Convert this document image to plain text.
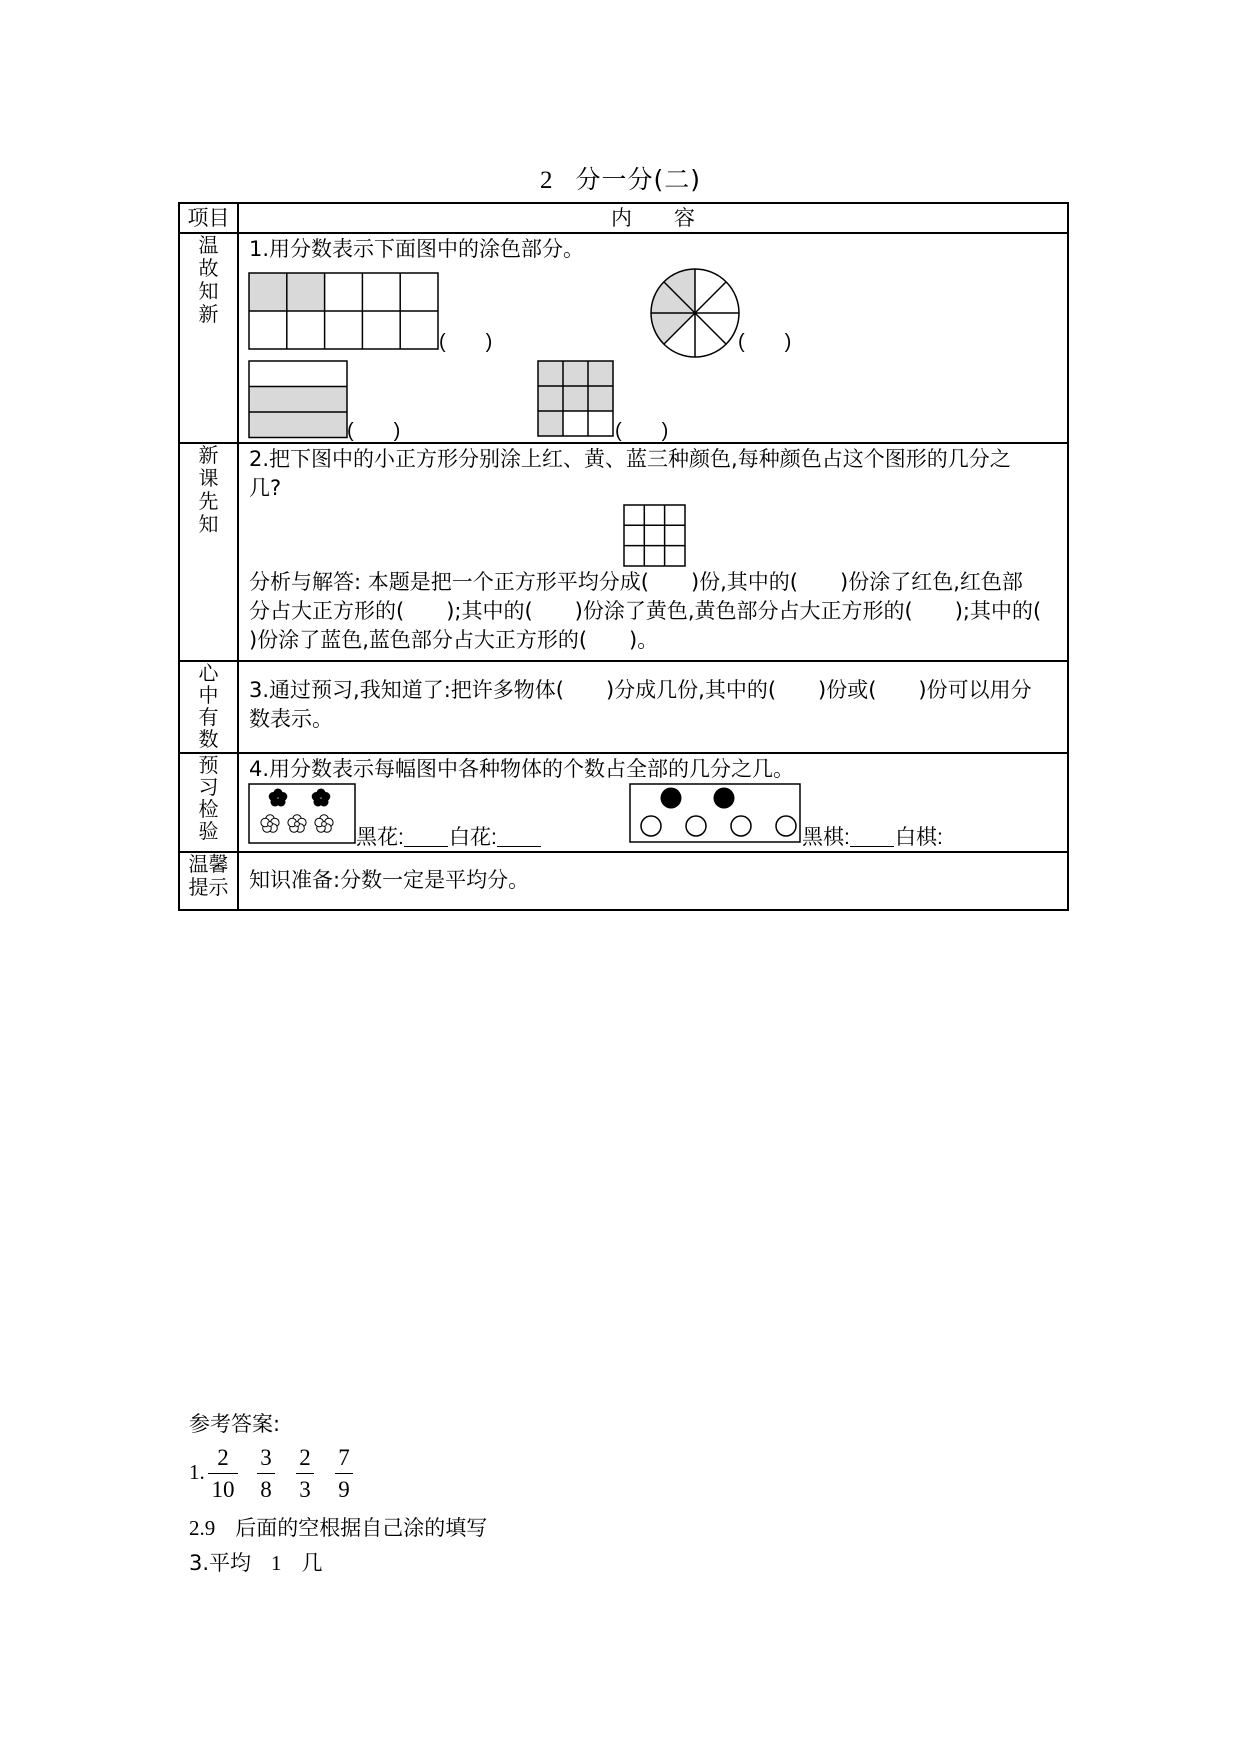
2 分一分(二)
项目	内　　容
温故知新	1.用分数表示下面图中的涂色部分。
(　　) (　　)
(　　) (　　)

新课先知	2.把下图中的小正方形分别涂上红、黄、蓝三种颜色,每种颜色占这个图形的几分之
几?
分析与解答: 本题是把一个正方形平均分成(　　)份,其中的(　　)份涂了红色,红色部
分占大正方形的(　　);其中的(　　)份涂了黄色,黄色部分占大正方形的(　　);其中的(
)份涂了蓝色,蓝色部分占大正方形的(　　)。

心中有数	3.通过预习,我知道了:把许多物体(　　)分成几份,其中的(　　)份或(　　)份可以用分
数表示。

预习检验	4.用分数表示每幅图中各种物体的个数占全部的几分之几。
黑花: 白花: 黑棋: 白棋:

温馨提示	知识准备:分数一定是平均分。
参考答案:
1.
2
10
3
8
2
3
7
9
2.9 后面的空根据自己涂的填写
3.平均 1 几
